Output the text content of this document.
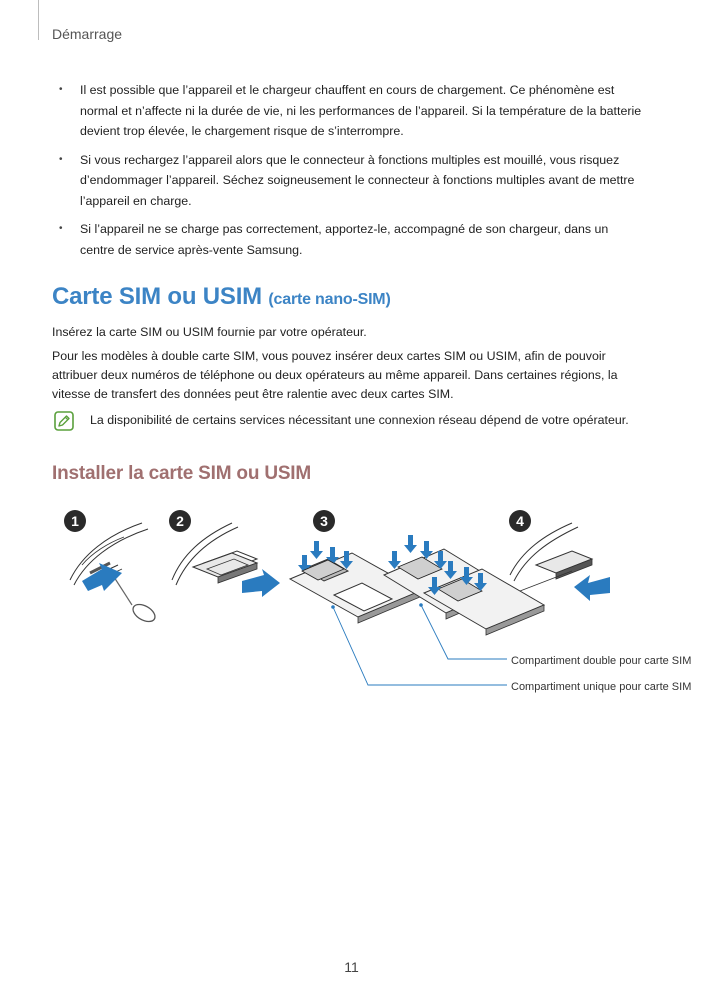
Démarrage
• Il est possible que l’appareil et le chargeur chauffent en cours de chargement. Ce phénomène est normal et n’affecte ni la durée de vie, ni les performances de l’appareil. Si la température de la batterie devient trop élevée, le chargement risque de s’interrompre.
• Si vous rechargez l’appareil alors que le connecteur à fonctions multiples est mouillé, vous risquez d’endommager l’appareil. Séchez soigneusement le connecteur à fonctions multiples avant de mettre l’appareil en charge.
• Si l’appareil ne se charge pas correctement, apportez-le, accompagné de son chargeur, dans un centre de service après-vente Samsung.
Carte SIM ou USIM (carte nano-SIM)

Insérez la carte SIM ou USIM fournie par votre opérateur.

Pour les modèles à double carte SIM, vous pouvez insérer deux cartes SIM ou USIM, afin de pouvoir attribuer deux numéros de téléphone ou deux opérateurs au même appareil. Dans certaines régions, la vitesse de transfert des données peut être ralentie avec deux cartes SIM.

La disponibilité de certains services nécessitant une connexion réseau dépend de votre opérateur.
Installer la carte SIM ou USIM
1	2	3	4
Compartiment double pour carte SIM
Compartiment unique pour carte SIM
11
